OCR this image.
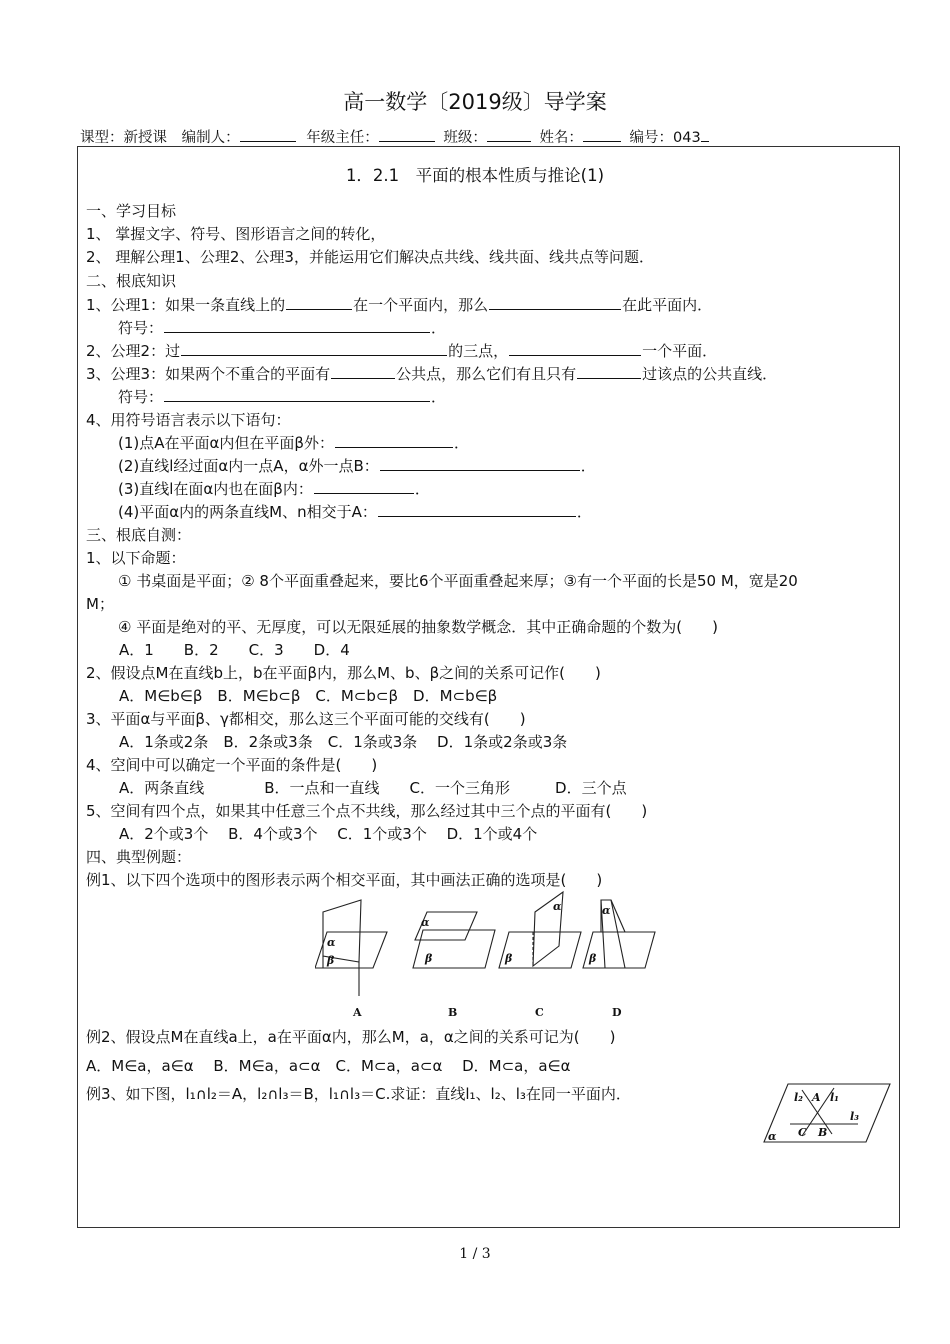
高一数学〔2019级〕导学案
课型：新授课 编制人：	年级主任：	班级：	姓名：	编号：043
1．2.1　平面的根本性质与推论(1)
一、学习目标
1、 掌握文字、符号、图形语言之间的转化，
2、 理解公理1、公理2、公理3，并能运用它们解决点共线、线共面、线共点等问题．
二、根底知识
1、公理1：如果一条直线上的	在一个平面内，那么	在此平面内．
符号：	．
2、公理2：过	的三点，	一个平面．
3、公理3：如果两个不重合的平面有	公共点，那么它们有且只有	过该点的公共直线．
符号：	．
4、用符号语言表示以下语句：
(1)点A在平面α内但在平面β外：	．
(2)直线l经过面α内一点A，α外一点B：	．
(3)直线l在面α内也在面β内：	．
(4)平面α内的两条直线M、n相交于A：	．
三、根底自测：
1、以下命题：
① 书桌面是平面；② 8个平面重叠起来，要比6个平面重叠起来厚；③有一个平面的长是50 M，宽是20
M；
④ 平面是绝对的平、无厚度，可以无限延展的抽象数学概念．其中正确命题的个数为(　　)
A．1　　B．2　　C．3　　D．4
2、假设点M在直线b上，b在平面β内，那么M、b、β之间的关系可记作(　　)
A．M∈b∈β　B．M∈b⊂β　C．M⊂b⊂β　D．M⊂b∈β
3、平面α与平面β、γ都相交，那么这三个平面可能的交线有(　　)
A．1条或2条　B．2条或3条　C．1条或3条　 D．1条或2条或3条
4、空间中可以确定一个平面的条件是(　　)
A．两条直线　　　　B．一点和一直线　　C．一个三角形　　　D．三个点
5、空间有四个点，如果其中任意三个点不共线，那么经过其中三个点的平面有(　　)
A．2个或3个　 B．4个或3个　 C．1个或3个　 D．1个或4个
四、典型例题：
例1、以下四个选项中的图形表示两个相交平面，其中画法正确的选项是(　　)
α
β
α
β
α
β
α
β
A	B	C	D
例2、假设点M在直线a上，a在平面α内，那么M，a，α之间的关系可记为(　　)
A．M∈a，a∈α　 B．M∈a，a⊂α　C．M⊂a，a⊂α　 D．M⊂a，a∈α
例3、如下图，l₁∩l₂＝A，l₂∩l₃＝B，l₁∩l₃＝C.求证：直线l₁、l₂、l₃在同一平面内．	l₂ A l₁
l₃
C B
α
1 / 3
